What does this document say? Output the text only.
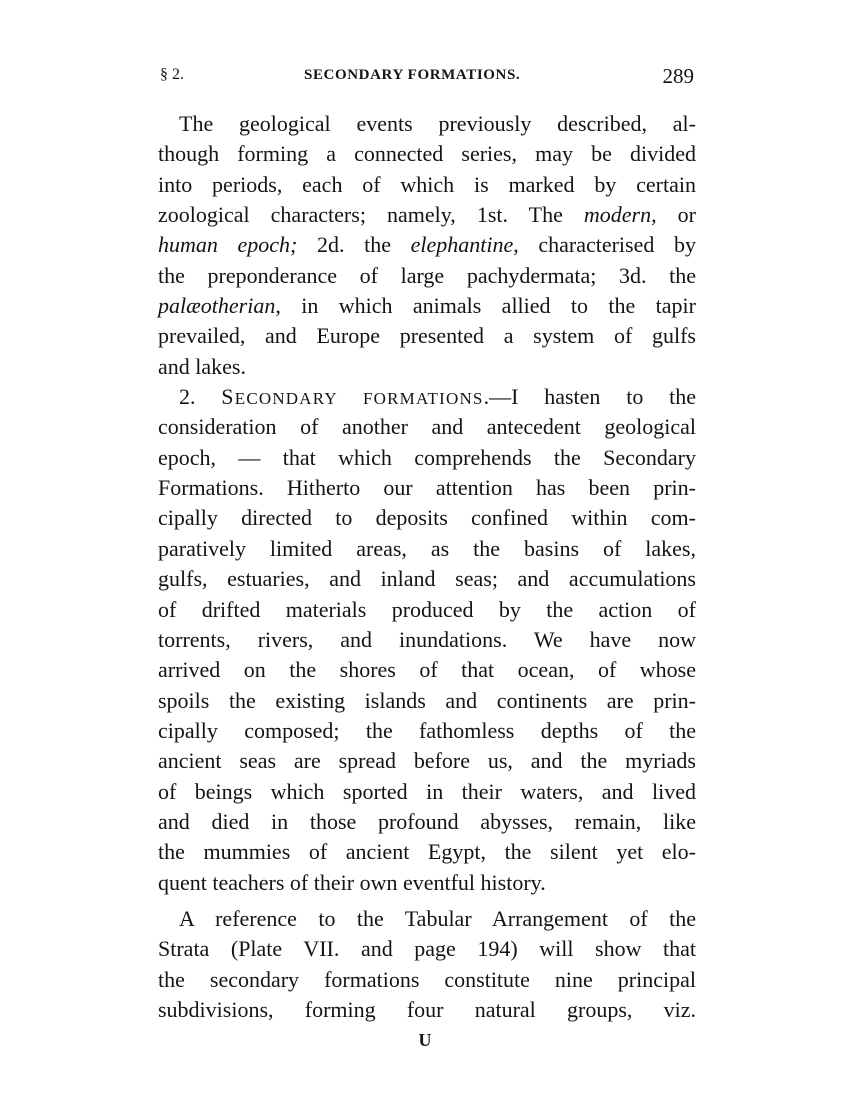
§ 2.	SECONDARY FORMATIONS.	289
The geological events previously described, al-
though forming a connected series, may be divided
into periods, each of which is marked by certain
zoological characters; namely, 1st. The modern, or
human epoch; 2d. the elephantine, characterised by
the preponderance of large pachydermata; 3d. the
palæotherian, in which animals allied to the tapir
prevailed, and Europe presented a system of gulfs
and lakes.
2. SECONDARY FORMATIONS.—I hasten to the
consideration of another and antecedent geological
epoch, — that which comprehends the Secondary
Formations. Hitherto our attention has been prin-
cipally directed to deposits confined within com-
paratively limited areas, as the basins of lakes,
gulfs, estuaries, and inland seas; and accumulations
of drifted materials produced by the action of
torrents, rivers, and inundations. We have now
arrived on the shores of that ocean, of whose
spoils the existing islands and continents are prin-
cipally composed; the fathomless depths of the
ancient seas are spread before us, and the myriads
of beings which sported in their waters, and lived
and died in those profound abysses, remain, like
the mummies of ancient Egypt, the silent yet elo-
quent teachers of their own eventful history.
A reference to the Tabular Arrangement of the
Strata (Plate VII. and page 194) will show that
the secondary formations constitute nine principal
subdivisions, forming four natural groups, viz.
U
